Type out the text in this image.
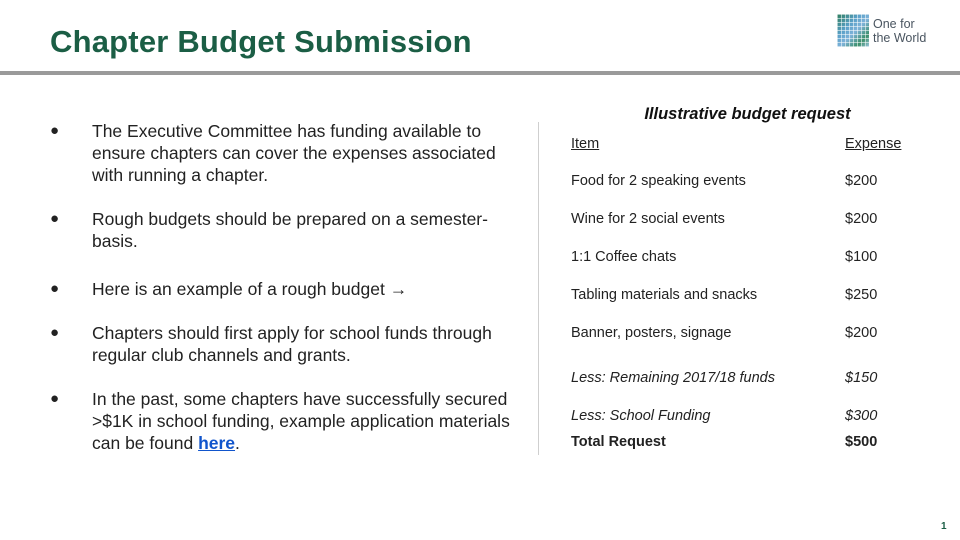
Chapter Budget Submission	One for
the World
● The Executive Committee has funding available to ensure chapters can cover the expenses associated with running a chapter.
● Rough budgets should be prepared on a semester-basis.
● Here is an example of a rough budget →
● Chapters should first apply for school funds through regular club channels and grants.
● In the past, some chapters have successfully secured >$1K in school funding, example application materials can be found here.
Illustrative budget request
Item	Expense
Food for 2 speaking events	$200
Wine for 2 social events	$200
1:1 Coffee chats	$100
Tabling materials and snacks	$250
Banner, posters, signage	$200
Less: Remaining 2017/18 funds	$150
Less: School Funding	$300
Total Request	$500
1
